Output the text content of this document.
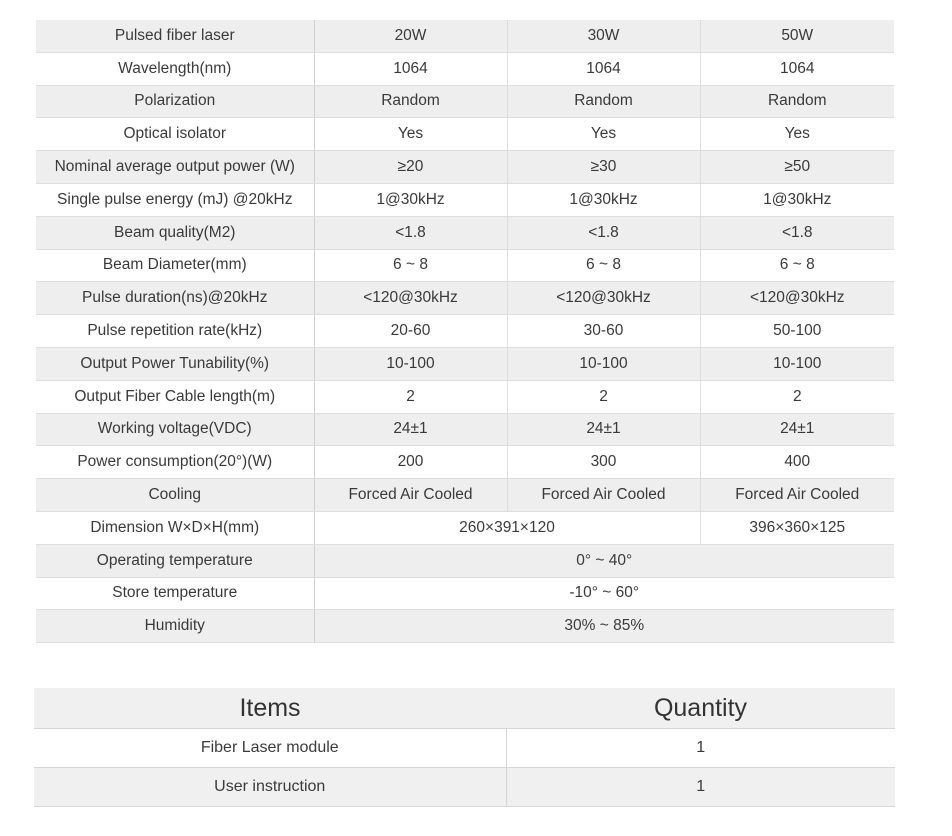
Pulsed fiber laser	20W	30W	50W
Wavelength(nm)	1064	1064	1064
Polarization	Random	Random	Random
Optical isolator	Yes	Yes	Yes
Nominal average output power (W)	≥20	≥30	≥50
Single pulse energy (mJ) @20kHz	1@30kHz	1@30kHz	1@30kHz
Beam quality(M2)	<1.8	<1.8	<1.8
Beam Diameter(mm)	6 ~ 8	6 ~ 8	6 ~ 8
Pulse duration(ns)@20kHz	<120@30kHz	<120@30kHz	<120@30kHz
Pulse repetition rate(kHz)	20-60	30-60	50-100
Output Power Tunability(%)	10-100	10-100	10-100
Output Fiber Cable length(m)	2	2	2
Working voltage(VDC)	24±1	24±1	24±1
Power consumption(20°)(W)	200	300	400
Cooling	Forced Air Cooled	Forced Air Cooled	Forced Air Cooled
Dimension W×D×H(mm)	260×391×120		396×360×125
Operating temperature	0° ~ 40°		
Store temperature	-10° ~ 60°		
Humidity	30% ~ 85%		
Items	Quantity
Fiber Laser module	1
User instruction	1
